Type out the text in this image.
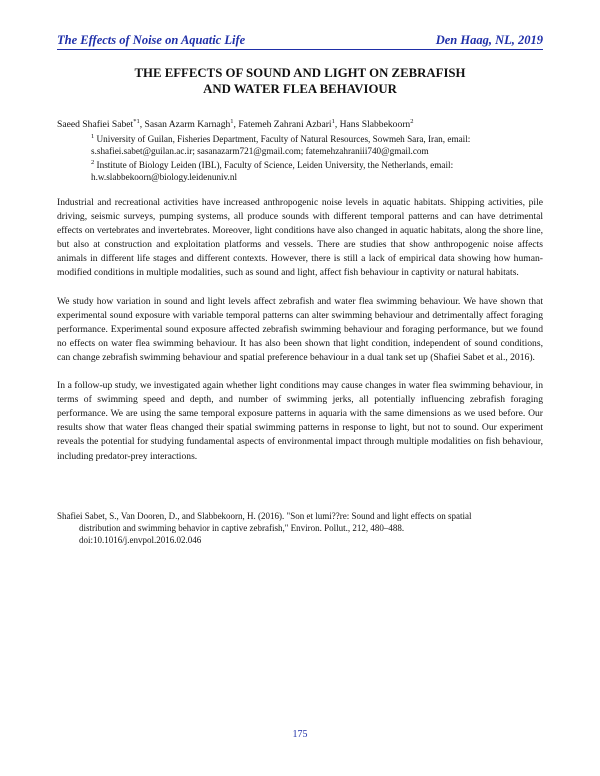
The Effects of Noise on Aquatic Life	Den Haag, NL, 2019
THE EFFECTS OF SOUND AND LIGHT ON ZEBRAFISH
AND WATER FLEA BEHAVIOUR
Saeed Shafiei Sabet$^{*1}$, Sasan Azarm Karnagh$^1$, Fatemeh Zahrani Azbari$^1$, Hans Slabbekoorn$^2$
$^1$ University of Guilan, Fisheries Department, Faculty of Natural Resources, Sowmeh Sara, Iran, email:
s.shafiei.sabet@guilan.ac.ir; sasanazarm721@gmail.com; fatemehzahraniii740@gmail.com
$^2$ Institute of Biology Leiden (IBL), Faculty of Science, Leiden University, the Netherlands, email:
h.w.slabbekoorn@biology.leidenuniv.nl

Industrial and recreational activities have increased anthropogenic noise levels in aquatic habitats. Shipping activities, pile driving, seismic surveys, pumping systems, all produce sounds with different temporal patterns and can have detrimental effects on vertebrates and invertebrates. Moreover, light conditions have also changed in aquatic habitats, along the shore line, but also at construction and exploitation platforms and vessels. There are studies that show anthropogenic noise affects animals in different life stages and different contexts. However, there is still a lack of empirical data showing how human-modified conditions in multiple modalities, such as sound and light, affect fish behaviour in captivity or natural habitats.

We study how variation in sound and light levels affect zebrafish and water flea swimming behaviour. We have shown that experimental sound exposure with variable temporal patterns can alter swimming behaviour and detrimentally affect foraging performance. Experimental sound exposure affected zebrafish swimming behaviour and foraging performance, but we found no effects on water flea swimming behaviour. It has also been shown that light condition, independent of sound conditions, can change zebrafish swimming behaviour and spatial preference behaviour in a dual tank set up (Shafiei Sabet et al., 2016).

In a follow-up study, we investigated again whether light conditions may cause changes in water flea swimming behaviour, in terms of swimming speed and depth, and number of swimming jerks, all potentially influencing zebrafish foraging performance. We are using the same temporal exposure patterns in aquaria with the same dimensions as we used before. Our results show that water fleas changed their spatial swimming patterns in response to light, but not to sound. Our experiment reveals the potential for studying fundamental aspects of environmental impact through multiple modalities on fish behaviour, including predator-prey interactions.

Shafiei Sabet, S., Van Dooren, D., and Slabbekoorn, H. (2016). "Son et lumi??re: Sound and light effects on spatial
distribution and swimming behavior in captive zebrafish," Environ. Pollut., 212, 480–488.
doi:10.1016/j.envpol.2016.02.046
175
